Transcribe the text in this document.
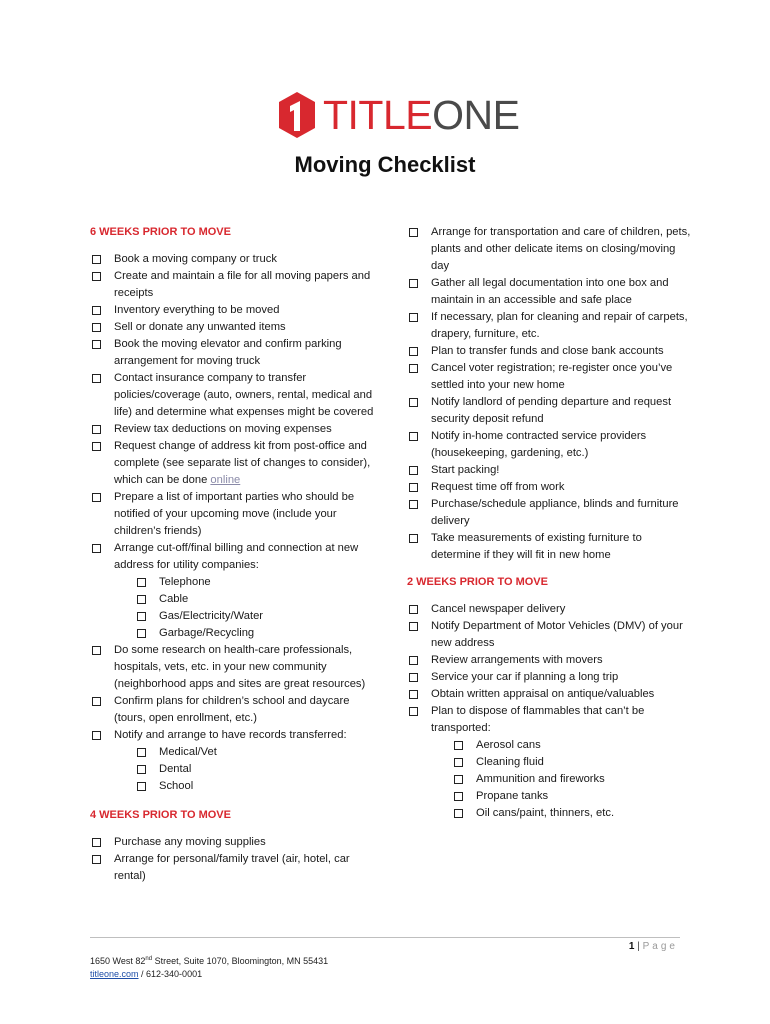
TITLEONE
Moving Checklist
6 WEEKS PRIOR TO MOVE
Book a moving company or truck
Create and maintain a file for all moving papers and receipts
Inventory everything to be moved
Sell or donate any unwanted items
Book the moving elevator and confirm parking arrangement for moving truck
Contact insurance company to transfer policies/coverage (auto, owners, rental, medical and life) and determine what expenses might be covered
Review tax deductions on moving expenses
Request change of address kit from post-office and complete (see separate list of changes to consider), which can be done online
Prepare a list of important parties who should be notified of your upcoming move (include your children’s friends)
Arrange cut-off/final billing and connection at new address for utility companies:
Telephone
Cable
Gas/Electricity/Water
Garbage/Recycling
Do some research on health-care professionals, hospitals, vets, etc. in your new community (neighborhood apps and sites are great resources)
Confirm plans for children’s school and daycare (tours, open enrollment, etc.)
Notify and arrange to have records transferred:
Medical/Vet
Dental
School
4 WEEKS PRIOR TO MOVE
Purchase any moving supplies
Arrange for personal/family travel (air, hotel, car rental)
Arrange for transportation and care of children, pets, plants and other delicate items on closing/moving day
Gather all legal documentation into one box and maintain in an accessible and safe place
If necessary, plan for cleaning and repair of carpets, drapery, furniture, etc.
Plan to transfer funds and close bank accounts
Cancel voter registration; re-register once you’ve settled into your new home
Notify landlord of pending departure and request security deposit refund
Notify in-home contracted service providers (housekeeping, gardening, etc.)
Start packing!
Request time off from work
Purchase/schedule appliance, blinds and furniture delivery
Take measurements of existing furniture to determine if they will fit in new home
2 WEEKS PRIOR TO MOVE
Cancel newspaper delivery
Notify Department of Motor Vehicles (DMV) of your new address
Review arrangements with movers
Service your car if planning a long trip
Obtain written appraisal on antique/valuables
Plan to dispose of flammables that can’t be transported:
Aerosol cans
Cleaning fluid
Ammunition and fireworks
Propane tanks
Oil cans/paint, thinners, etc.
1 | Page
1650 West 82nd Street, Suite 1070, Bloomington, MN 55431
titleone.com / 612-340-0001
